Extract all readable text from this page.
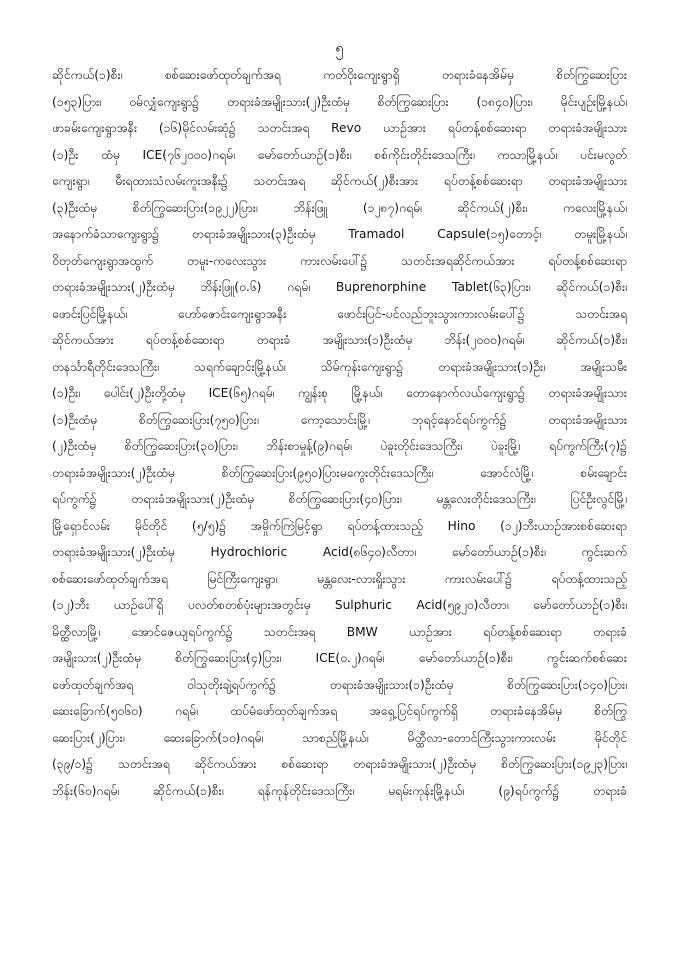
၅
ဆိုင်ကယ်(၁)စီး၊ စစ်ဆေးဖော်ထုတ်ချက်အရ ကတ်ဝိုးကျေးရွာရှိ တရားခံနေအိမ်မှ စိတ်ကြွဆေးပြား
(၁၅၃)ပြား၊ ဝမ်လျှံကျေးရွာ၌ တရားခံအမျိုးသား(၂)ဦးထံမှ စိတ်ကြွဆေးပြား (၁၈၄၀)ပြား၊ မိုင်းပျဉ်းမြို့နယ်၊
ဖာခမ်းကျေးရွာအနီး (၁၆)မိုင်လမ်းဆုံ၌ သတင်းအရ Revo ယာဉ်အား ရပ်တန့်စစ်ဆေးရာ တရားခံအမျိုးသား
(၁)ဦး ထံမှ ICE(၇၆၂၀၀၀)ဂရမ်၊ မော်တော်ယာဉ်(၁)စီး၊ စစ်ကိုင်းတိုင်းဒေသကြီး၊ ကသာမြို့နယ်၊ ပင်းမလွတ်
ကျေးရွာ၊ မီးရထားသံလမ်းကူးအနီး၌ သတင်းအရ ဆိုင်ကယ်(၂)စီးအား ရပ်တန့်စစ်ဆေးရာ တရားခံအမျိုးသား
(၃)ဦးထံမှ စိတ်ကြွဆေးပြား(၁၉၂၂)ပြား၊ ဘိန်းဖြူ (၁၂၈၇)ဂရမ်၊ ဆိုင်ကယ်(၂)စီး၊ ကလေးမြို့နယ်၊
အနောက်ခံသာကျေးရွာ၌ တရားခံအမျိုးသား(၃)ဦးထံမှ Tramadol Capsule(၁၅)တောင့်၊ တမူးမြို့နယ်၊
ဝိတုတ်ကျေးရွာအထွက် တမူး-ကလေးသွား ကားလမ်းပေါ်၌ သတင်းအရဆိုင်ကယ်အား ရပ်တန့်စစ်ဆေးရာ
တရားခံအမျိုးသား(၂)ဦးထံမှ ဘိန်းဖြူ(၀.၆) ဂရမ်၊ Buprenorphine Tablet(၆၃)ပြား၊ ဆိုင်ကယ်(၁)စီး၊
ဖောင်းပြင်မြို့နယ်၊ ဟော်ဇောင်းကျေးရွာအနီး ဖောင်းပြင်-ပင်လည်ဘူးသွားကားလမ်းပေါ်၌ သတင်းအရ
ဆိုင်ကယ်အား ရပ်တန့်စစ်ဆေးရာ တရားခံ အမျိုးသား(၁)ဦးထံမှ ဘိန်း(၂၀၀၀)ဂရမ်၊ ဆိုင်ကယ်(၁)စီး၊
တနင်္သာရီတိုင်းဒေသကြီး၊ သရက်ချောင်းမြို့နယ်၊ သိမ်ကုန်းကျေးရွာ၌ တရားခံအမျိုးသား(၁)ဦး၊ အမျိုးသမီး
(၁)ဦး၊ ပေါင်း(၂)ဦးတို့ထံမှ ICE(၆၅)ဂရမ်၊ ကျွန်းစု မြို့နယ်၊ တောနောက်လယ်ကျေးရွာ၌ တရားခံအမျိုးသား
(၁)ဦးထံမှ စိတ်ကြွဆေးပြား(၇၅၀)ပြား၊ ကော့သောင်းမြို့၊ ဘုရင့်နောင်ရပ်ကွက်၌ တရားခံအမျိုးသား
(၂)ဦးထံမှ စိတ်ကြွဆေးပြား(၃၀)ပြား၊ ဘိန်းစာမှုန့်(၉)ဂရမ်၊ ပဲခူးတိုင်းဒေသကြီး၊ ပဲခူးမြို့၊ ရပ်ကွက်ကြီး(၇)၌
တရားခံအမျိုးသား(၂)ဦးထံမှ စိတ်ကြွဆေးပြား(၉၅၀)ပြားမကွေးတိုင်းဒေသကြီး၊ အောင်လံမြို့၊ စမ်းချောင်း
ရပ်ကွက်၌ တရားခံအမျိုးသား(၂)ဦးထံမှ စိတ်ကြွဆေးပြား(၄၀)ပြား၊ မန္တလေးတိုင်းဒေသကြီး၊ ပြင်ဦးလွင်မြို့၊
မြို့ရှောင်လမ်း မိုင်တိုင် (၅/၅)၌ အမှိုက်ကြဲမြင့်ရွာ ရပ်တန့်ထားသည့် Hino (၁၂)ဘီးယာဉ်အားစစ်ဆေးရာ
တရားခံအမျိုးသား(၂)ဦးထံမှ Hydrochloric Acid(၈၆၄၀)လီတာ၊ မော်တော်ယာဉ်(၁)စီး၊ ကွင်းဆက်
စစ်ဆေးဖော်ထုတ်ချက်အရ မြင်ကြီးကျေးရွာ၊ မန္တလေး-လားရှိုးသွား ကားလမ်းပေါ်၌ ရပ်တန့်ထားသည့်
(၁၂)ဘီး ယာဉ်ပေါ်ရှိ ပလတ်စတစ်ပုံးများအတွင်းမှ Sulphuric Acid(၅၉၂၀)လီတာ၊ မော်တော်ယာဉ်(၁)စီး၊
မိတ္ထီလာမြို့၊ အောင်ဇေယျရပ်ကွက်၌ သတင်းအရ BMW ယာဉ်အား ရပ်တန့်စစ်ဆေးရာ တရားခံ
အမျိုးသား(၂)ဦးထံမှ စိတ်ကြွဆေးပြား(၄)ပြား၊ ICE(၀.၂)ဂရမ်၊ မော်တော်ယာဉ်(၁)စီး၊ ကွင်းဆက်စစ်ဆေး
ဖော်ထုတ်ချက်အရ ဝါသုတိုးချဲ့ရပ်ကွက်၌ တရားခံအမျိုးသား(၁)ဦးထံမှ စိတ်ကြွဆေးပြား(၁၄၀)ပြား၊
ဆေးခြောက်(၅၀၆၀) ဂရမ်၊ ထပ်မံဖော်ထုတ်ချက်အရ အရှေ့ပြင်ရပ်ကွက်ရှိ တရားခံနေအိမ်မှ စိတ်ကြွ
ဆေးပြား(၂)ပြား၊ ဆေးခြောက်(၁၀)ဂရမ်၊ သာစည်မြို့နယ်၊ မိတ္ထီလာ-တောင်ကြီးသွားကားလမ်း မိုင်တိုင်
(၃၉/၁)၌ သတင်းအရ ဆိုင်ကယ်အား စစ်ဆေးရာ တရားခံအမျိုးသား(၂)ဦးထံမှ စိတ်ကြွဆေးပြား(၁၉၂၃)ပြား၊
ဘိန်း(၆၀)ဂရမ်၊ ဆိုင်ကယ်(၁)စီး၊ ရန်ကုန်တိုင်းဒေသကြီး၊ မရမ်းကုန်းမြို့နယ်၊ (၉)ရပ်ကွက်၌ တရားခံ
